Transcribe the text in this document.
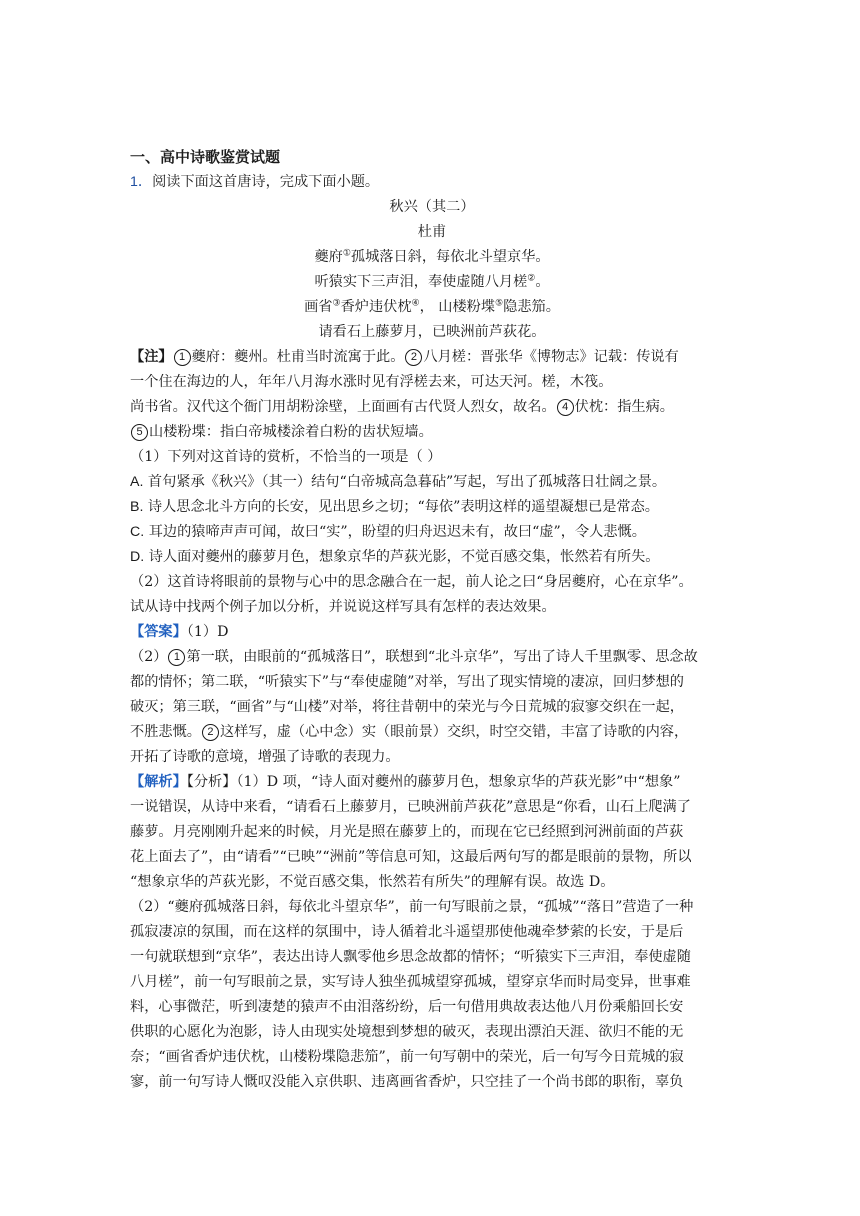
一、高中诗歌鉴赏试题
1．阅读下面这首唐诗，完成下面小题。
秋兴（其二）
杜甫
夔府①孤城落日斜，每依北斗望京华。
听猿实下三声泪，奉使虚随八月槎②。
画省③香炉违伏枕④， 山楼粉堞⑤隐悲笳。
请看石上藤萝月，已映洲前芦荻花。
【注】 1 夔府：夔州。杜甫当时流寓于此。 2 八月槎：晋张华《博物志》记载：传说有
一个住在海边的人，年年八月海水涨时见有浮槎去来，可达天河。槎，木筏。
尚书省。汉代这个衙门用胡粉涂壁，上面画有古代贤人烈女，故名。 4 伏枕：指生病。
5 山楼粉堞：指白帝城楼涂着白粉的齿状短墙。
（1）下列对这首诗的赏析，不恰当的一项是（ ）
A. 首句紧承《秋兴》（其一）结句“白帝城高急暮砧”写起，写出了孤城落日壮阔之景。
B. 诗人思念北斗方向的长安，见出思乡之切；“每依”表明这样的遥望凝想已是常态。
C. 耳边的猿啼声声可闻，故曰“实”，盼望的归舟迟迟未有，故曰“虚”，令人悲慨。
D. 诗人面对夔州的藤萝月色，想象京华的芦荻光影，不觉百感交集，怅然若有所失。
（2）这首诗将眼前的景物与心中的思念融合在一起，前人论之曰“身居夔府，心在京华”。
试从诗中找两个例子加以分析，并说说这样写具有怎样的表达效果。
【答案】（1）D
（2） 1 第一联，由眼前的“孤城落日”，联想到“北斗京华”，写出了诗人千里飘零、思念故
都的情怀；第二联，“听猿实下”与“奉使虚随”对举，写出了现实情境的凄凉，回归梦想的
破灭；第三联，“画省”与“山楼”对举，将往昔朝中的荣光与今日荒城的寂寥交织在一起，
不胜悲慨。 2 这样写，虚（心中念）实（眼前景）交织，时空交错，丰富了诗歌的内容，
开拓了诗歌的意境，增强了诗歌的表现力。
【解析】【分析】（1）D 项，“诗人面对夔州的藤萝月色，想象京华的芦荻光影”中“想象”
一说错误，从诗中来看，“请看石上藤萝月，已映洲前芦荻花”意思是“你看，山石上爬满了
藤萝。月亮刚刚升起来的时候，月光是照在藤萝上的，而现在它已经照到河洲前面的芦荻
花上面去了”，由“请看”“已映”“洲前”等信息可知，这最后两句写的都是眼前的景物，所以
“想象京华的芦荻光影，不觉百感交集，怅然若有所失”的理解有误。故选 D。
（2）“夔府孤城落日斜，每依北斗望京华”，前一句写眼前之景，“孤城”“落日”营造了一种
孤寂凄凉的氛围，而在这样的氛围中，诗人循着北斗遥望那使他魂牵梦萦的长安，于是后
一句就联想到“京华”，表达出诗人飘零他乡思念故都的情怀；“听猿实下三声泪，奉使虚随
八月槎”，前一句写眼前之景，实写诗人独坐孤城望穿孤城，望穿京华而时局变异，世事难
料，心事微茫，听到凄楚的猿声不由泪落纷纷，后一句借用典故表达他八月份乘船回长安
供职的心愿化为泡影，诗人由现实处境想到梦想的破灭，表现出漂泊天涯、欲归不能的无
奈；“画省香炉违伏枕，山楼粉堞隐悲笳”，前一句写朝中的荣光，后一句写今日荒城的寂
寥，前一句写诗人慨叹没能入京供职、违离画省香炉，只空挂了一个尚书郎的职衔，辜负
